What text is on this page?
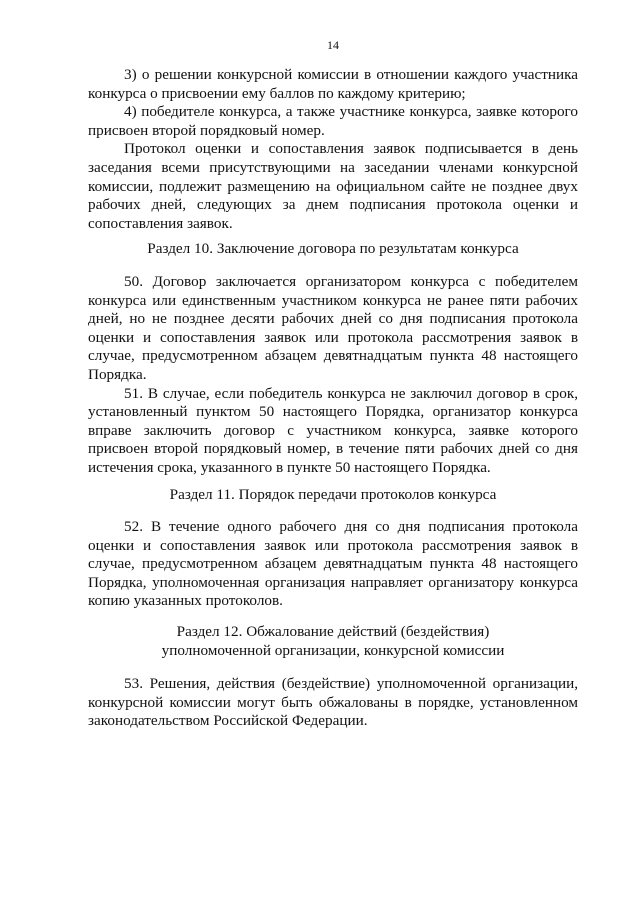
14

3) о решении конкурсной комиссии в отношении каждого участника конкурса о присвоении ему баллов по каждому критерию;

4) победителе конкурса, а также участнике конкурса, заявке которого присвоен второй порядковый номер.

Протокол оценки и сопоставления заявок подписывается в день заседания всеми присутствующими на заседании членами конкурсной комиссии, подлежит размещению на официальном сайте не позднее двух рабочих дней, следующих за днем подписания протокола оценки и сопоставления заявок.

Раздел 10. Заключение договора по результатам конкурса

50. Договор заключается организатором конкурса с победителем конкурса или единственным участником конкурса не ранее пяти рабочих дней, но не позднее десяти рабочих дней со дня подписания протокола оценки и сопоставления заявок или протокола рассмотрения заявок в случае, предусмотренном абзацем девятнадцатым пункта 48 настоящего Порядка.

51. В случае, если победитель конкурса не заключил договор в срок, установленный пунктом 50 настоящего Порядка, организатор конкурса вправе заключить договор с участником конкурса, заявке которого присвоен второй порядковый номер, в течение пяти рабочих дней со дня истечения срока, указанного в пункте 50 настоящего Порядка.

Раздел 11. Порядок передачи протоколов конкурса

52. В течение одного рабочего дня со дня подписания протокола оценки и сопоставления заявок или протокола рассмотрения заявок в случае, предусмотренном абзацем девятнадцатым пункта 48 настоящего Порядка, уполномоченная организация направляет организатору конкурса копию указанных протоколов.

Раздел 12. Обжалование действий (бездействия)
уполномоченной организации, конкурсной комиссии

53. Решения, действия (бездействие) уполномоченной организации, конкурсной комиссии могут быть обжалованы в порядке, установленном законодательством Российской Федерации.
